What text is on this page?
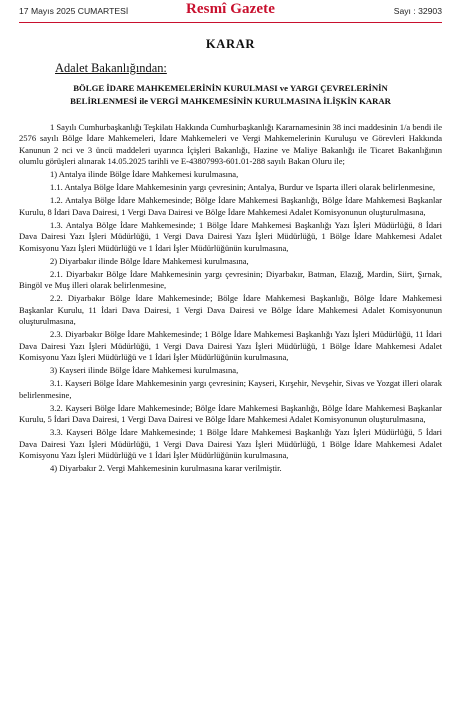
17 Mayıs 2025 CUMARTESİ	Resmî Gazete	Sayı : 32903
KARAR
Adalet Bakanlığından:
BÖLGE İDARE MAHKEMELERİNİN KURULMASI ve YARGI ÇEVRELERİNİN
BELİRLENMESİ ile VERGİ MAHKEMESİNİN KURULMASINA İLİŞKİN KARAR

1 Sayılı Cumhurbaşkanlığı Teşkilatı Hakkında Cumhurbaşkanlığı Kararnamesinin 38 inci maddesinin 1/a bendi ile 2576 sayılı Bölge İdare Mahkemeleri, İdare Mahkemeleri ve Vergi Mahkemelerinin Kuruluşu ve Görevleri Hakkında Kanunun 2 nci ve 3 üncü maddeleri uyarınca İçişleri Bakanlığı, Hazine ve Maliye Bakanlığı ile Ticaret Bakanlığının olumlu görüşleri alınarak 14.05.2025 tarihli ve E-43807993-601.01-288 sayılı Bakan Oluru ile;

1) Antalya ilinde Bölge İdare Mahkemesi kurulmasına,

1.1. Antalya Bölge İdare Mahkemesinin yargı çevresinin; Antalya, Burdur ve Isparta illeri olarak belirlenmesine,

1.2. Antalya Bölge İdare Mahkemesinde; Bölge İdare Mahkemesi Başkanlığı, Bölge İdare Mahkemesi Başkanlar Kurulu, 8 İdari Dava Dairesi, 1 Vergi Dava Dairesi ve Bölge İdare Mahkemesi Adalet Komisyonunun oluşturulmasına,

1.3. Antalya Bölge İdare Mahkemesinde; 1 Bölge İdare Mahkemesi Başkanlığı Yazı İşleri Müdürlüğü, 8 İdari Dava Dairesi Yazı İşleri Müdürlüğü, 1 Vergi Dava Dairesi Yazı İşleri Müdürlüğü, 1 Bölge İdare Mahkemesi Adalet Komisyonu Yazı İşleri Müdürlüğü ve 1 İdari İşler Müdürlüğünün kurulmasına,

2) Diyarbakır ilinde Bölge İdare Mahkemesi kurulmasına,

2.1. Diyarbakır Bölge İdare Mahkemesinin yargı çevresinin; Diyarbakır, Batman, Elazığ, Mardin, Siirt, Şırnak, Bingöl ve Muş illeri olarak belirlenmesine,

2.2. Diyarbakır Bölge İdare Mahkemesinde; Bölge İdare Mahkemesi Başkanlığı, Bölge İdare Mahkemesi Başkanlar Kurulu, 11 İdari Dava Dairesi, 1 Vergi Dava Dairesi ve Bölge İdare Mahkemesi Adalet Komisyonunun oluşturulmasına,

2.3. Diyarbakır Bölge İdare Mahkemesinde; 1 Bölge İdare Mahkemesi Başkanlığı Yazı İşleri Müdürlüğü, 11 İdari Dava Dairesi Yazı İşleri Müdürlüğü, 1 Vergi Dava Dairesi Yazı İşleri Müdürlüğü, 1 Bölge İdare Mahkemesi Adalet Komisyonu Yazı İşleri Müdürlüğü ve 1 İdari İşler Müdürlüğünün kurulmasına,

3) Kayseri ilinde Bölge İdare Mahkemesi kurulmasına,

3.1. Kayseri Bölge İdare Mahkemesinin yargı çevresinin; Kayseri, Kırşehir, Nevşehir, Sivas ve Yozgat illeri olarak belirlenmesine,

3.2. Kayseri Bölge İdare Mahkemesinde; Bölge İdare Mahkemesi Başkanlığı, Bölge İdare Mahkemesi Başkanlar Kurulu, 5 İdari Dava Dairesi, 1 Vergi Dava Dairesi ve Bölge İdare Mahkemesi Adalet Komisyonunun oluşturulmasına,

3.3. Kayseri Bölge İdare Mahkemesinde; 1 Bölge İdare Mahkemesi Başkanlığı Yazı İşleri Müdürlüğü, 5 İdari Dava Dairesi Yazı İşleri Müdürlüğü, 1 Vergi Dava Dairesi Yazı İşleri Müdürlüğü, 1 Bölge İdare Mahkemesi Adalet Komisyonu Yazı İşleri Müdürlüğü ve 1 İdari İşler Müdürlüğünün kurulmasına,

4) Diyarbakır 2. Vergi Mahkemesinin kurulmasına karar verilmiştir.
